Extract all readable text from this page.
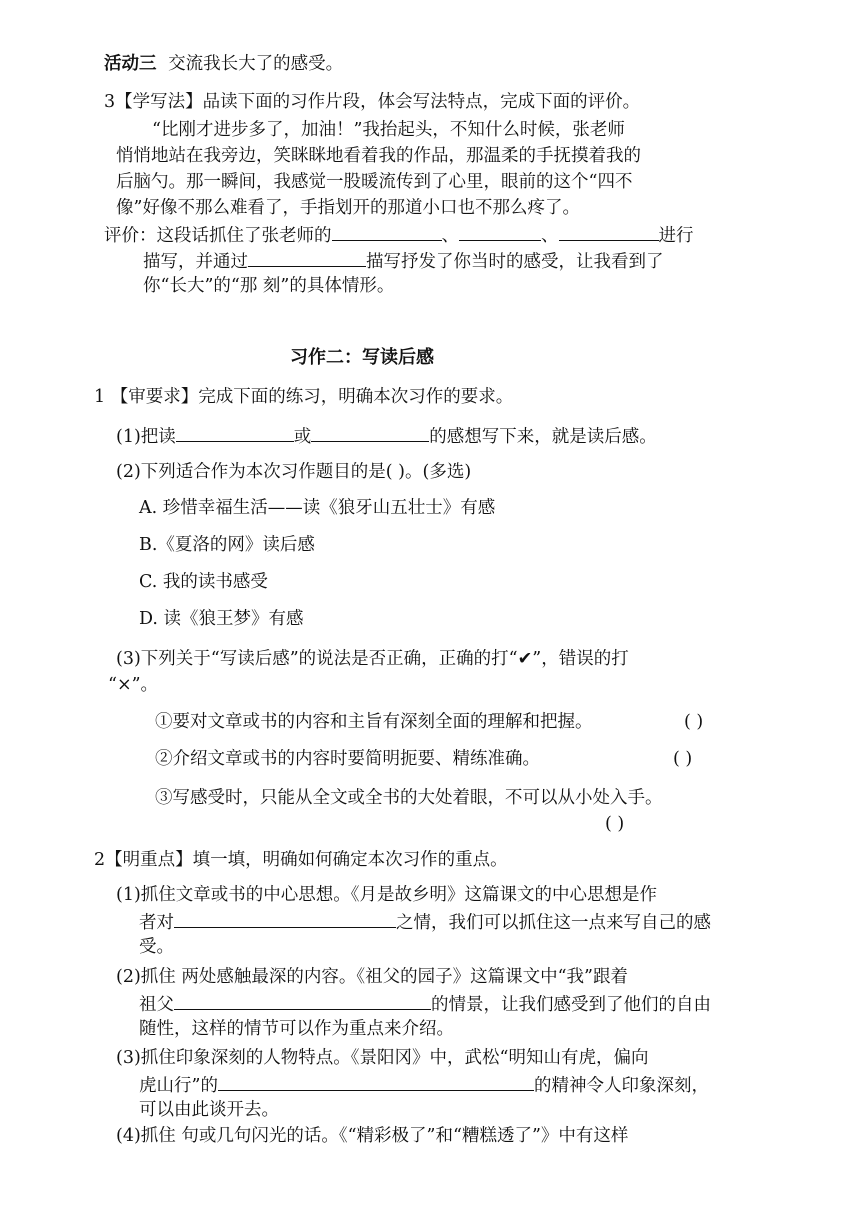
活动三 交流我长大了的感受。
3【学写法】品读下面的习作片段，体会写法特点，完成下面的评价。
“比刚才进步多了，加油！”我抬起头，不知什么时候，张老师
悄悄地站在我旁边，笑眯眯地看着我的作品，那温柔的手抚摸着我的
后脑勺。那一瞬间，我感觉一股暖流传到了心里，眼前的这个“四不
像”好像不那么难看了，手指划开的那道小口也不那么疼了。
评价：这段话抓住了张老师的	、	、	进行
描写，并通过	描写抒发了你当时的感受，让我看到了
你“长大”的“那 刻”的具体情形。
习作二：写读后感
1 【审要求】完成下面的练习，明确本次习作的要求。
(1)把读	或	的感想写下来，就是读后感。
(2)下列适合作为本次习作题目的是( )。(多选)
A. 珍惜幸福生活——读《狼牙山五壮士》有感
B.《夏洛的网》读后感
C. 我的读书感受
D. 读《狼王梦》有感
(3)下列关于“写读后感”的说法是否正确，正确的打“✔”，错误的打
“×”。
①要对文章或书的内容和主旨有深刻全面的理解和把握。	( )
②介绍文章或书的内容时要简明扼要、精练准确。	( )
③写感受时，只能从全文或全书的大处着眼，不可以从小处入手。
( )
2【明重点】填一填，明确如何确定本次习作的重点。
(1)抓住文章或书的中心思想。《月是故乡明》这篇课文的中心思想是作
者对	之情，我们可以抓住这一点来写自己的感
受。
(2)抓住 两处感触最深的内容。《祖父的园子》这篇课文中“我”跟着
祖父	的情景，让我们感受到了他们的自由
随性，这样的情节可以作为重点来介绍。
(3)抓住印象深刻的人物特点。《景阳冈》中，武松“明知山有虎，偏向
虎山行”的	的精神令人印象深刻，
可以由此谈开去。
(4)抓住 句或几句闪光的话。《“精彩极了”和“糟糕透了”》中有这样
